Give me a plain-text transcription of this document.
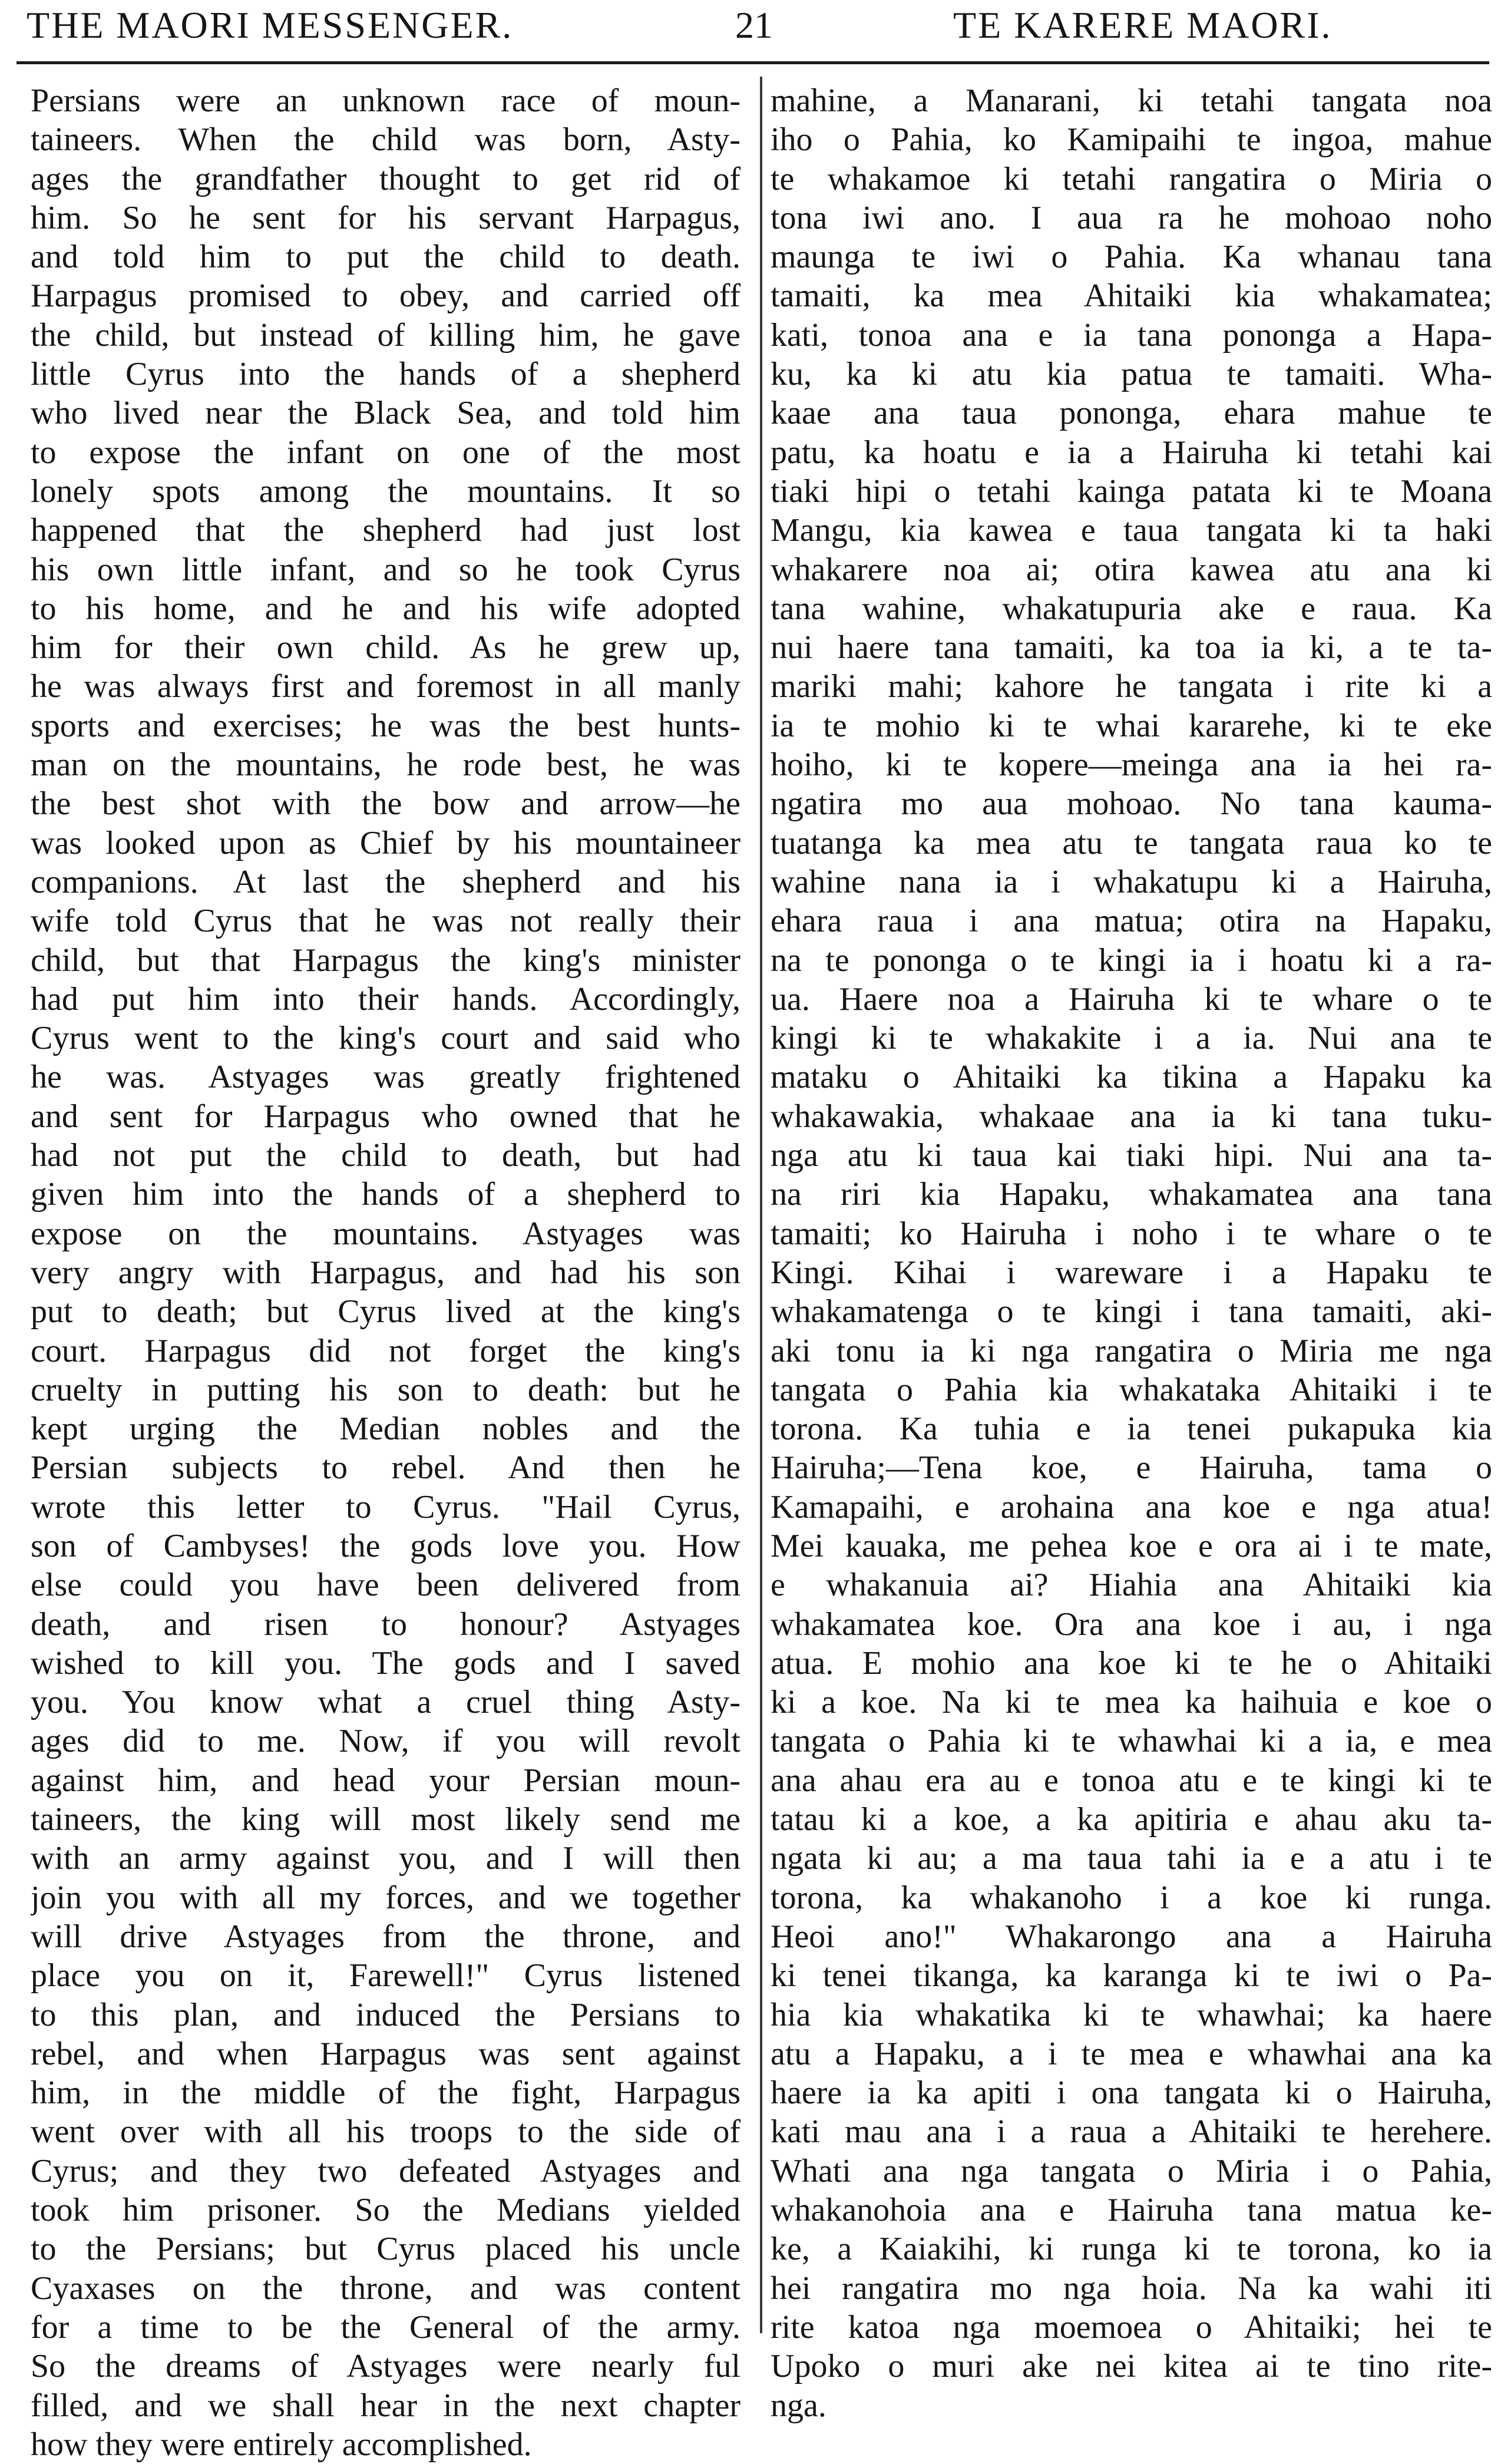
THE MAORI MESSENGER.	21	TE KARERE MAORI.
Persians were an unknown race of moun-
taineers. When the child was born, Asty-
ages the grandfather thought to get rid of
him. So he sent for his servant Harpagus,
and told him to put the child to death.
Harpagus promised to obey, and carried off
the child, but instead of killing him, he gave
little Cyrus into the hands of a shepherd
who lived near the Black Sea, and told him
to expose the infant on one of the most
lonely spots among the mountains. It so
happened that the shepherd had just lost
his own little infant, and so he took Cyrus
to his home, and he and his wife adopted
him for their own child. As he grew up,
he was always first and foremost in all manly
sports and exercises; he was the best hunts-
man on the mountains, he rode best, he was
the best shot with the bow and arrow—he
was looked upon as Chief by his mountaineer
companions. At last the shepherd and his
wife told Cyrus that he was not really their
child, but that Harpagus the king's minister
had put him into their hands. Accordingly,
Cyrus went to the king's court and said who
he was. Astyages was greatly frightened
and sent for Harpagus who owned that he
had not put the child to death, but had
given him into the hands of a shepherd to
expose on the mountains. Astyages was
very angry with Harpagus, and had his son
put to death; but Cyrus lived at the king's
court. Harpagus did not forget the king's
cruelty in putting his son to death: but he
kept urging the Median nobles and the
Persian subjects to rebel. And then he
wrote this letter to Cyrus. "Hail Cyrus,
son of Cambyses! the gods love you. How
else could you have been delivered from
death, and risen to honour? Astyages
wished to kill you. The gods and I saved
you. You know what a cruel thing Asty-
ages did to me. Now, if you will revolt
against him, and head your Persian moun-
taineers, the king will most likely send me
with an army against you, and I will then
join you with all my forces, and we together
will drive Astyages from the throne, and
place you on it, Farewell!" Cyrus listened
to this plan, and induced the Persians to
rebel, and when Harpagus was sent against
him, in the middle of the fight, Harpagus
went over with all his troops to the side of
Cyrus; and they two defeated Astyages and
took him prisoner. So the Medians yielded
to the Persians; but Cyrus placed his uncle
Cyaxases on the throne, and was content
for a time to be the General of the army.
So the dreams of Astyages were nearly ful
filled, and we shall hear in the next chapter
how they were entirely accomplished.
mahine, a Manarani, ki tetahi tangata noa
iho o Pahia, ko Kamipaihi te ingoa, mahue
te whakamoe ki tetahi rangatira o Miria o
tona iwi ano. I aua ra he mohoao noho
maunga te iwi o Pahia. Ka whanau tana
tamaiti, ka mea Ahitaiki kia whakamatea;
kati, tonoa ana e ia tana pononga a Hapa-
ku, ka ki atu kia patua te tamaiti. Wha-
kaae ana taua pononga, ehara mahue te
patu, ka hoatu e ia a Hairuha ki tetahi kai
tiaki hipi o tetahi kainga patata ki te Moana
Mangu, kia kawea e taua tangata ki ta haki
whakarere noa ai; otira kawea atu ana ki
tana wahine, whakatupuria ake e raua. Ka
nui haere tana tamaiti, ka toa ia ki, a te ta-
mariki mahi; kahore he tangata i rite ki a
ia te mohio ki te whai kararehe, ki te eke
hoiho, ki te kopere—meinga ana ia hei ra-
ngatira mo aua mohoao. No tana kauma-
tuatanga ka mea atu te tangata raua ko te
wahine nana ia i whakatupu ki a Hairuha,
ehara raua i ana matua; otira na Hapaku,
na te pononga o te kingi ia i hoatu ki a ra-
ua. Haere noa a Hairuha ki te whare o te
kingi ki te whakakite i a ia. Nui ana te
mataku o Ahitaiki ka tikina a Hapaku ka
whakawakia, whakaae ana ia ki tana tuku-
nga atu ki taua kai tiaki hipi. Nui ana ta-
na riri kia Hapaku, whakamatea ana tana
tamaiti; ko Hairuha i noho i te whare o te
Kingi. Kihai i wareware i a Hapaku te
whakamatenga o te kingi i tana tamaiti, aki-
aki tonu ia ki nga rangatira o Miria me nga
tangata o Pahia kia whakataka Ahitaiki i te
torona. Ka tuhia e ia tenei pukapuka kia
Hairuha;—Tena koe, e Hairuha, tama o
Kamapaihi, e arohaina ana koe e nga atua!
Mei kauaka, me pehea koe e ora ai i te mate,
e whakanuia ai? Hiahia ana Ahitaiki kia
whakamatea koe. Ora ana koe i au, i nga
atua. E mohio ana koe ki te he o Ahitaiki
ki a koe. Na ki te mea ka haihuia e koe o
tangata o Pahia ki te whawhai ki a ia, e mea
ana ahau era au e tonoa atu e te kingi ki te
tatau ki a koe, a ka apitiria e ahau aku ta-
ngata ki au; a ma taua tahi ia e a atu i te
torona, ka whakanoho i a koe ki runga.
Heoi ano!" Whakarongo ana a Hairuha
ki tenei tikanga, ka karanga ki te iwi o Pa-
hia kia whakatika ki te whawhai; ka haere
atu a Hapaku, a i te mea e whawhai ana ka
haere ia ka apiti i ona tangata ki o Hairuha,
kati mau ana i a raua a Ahitaiki te herehere.
Whati ana nga tangata o Miria i o Pahia,
whakanohoia ana e Hairuha tana matua ke-
ke, a Kaiakihi, ki runga ki te torona, ko ia
hei rangatira mo nga hoia. Na ka wahi iti
rite katoa nga moemoea o Ahitaiki; hei te
Upoko o muri ake nei kitea ai te tino rite-
nga.
